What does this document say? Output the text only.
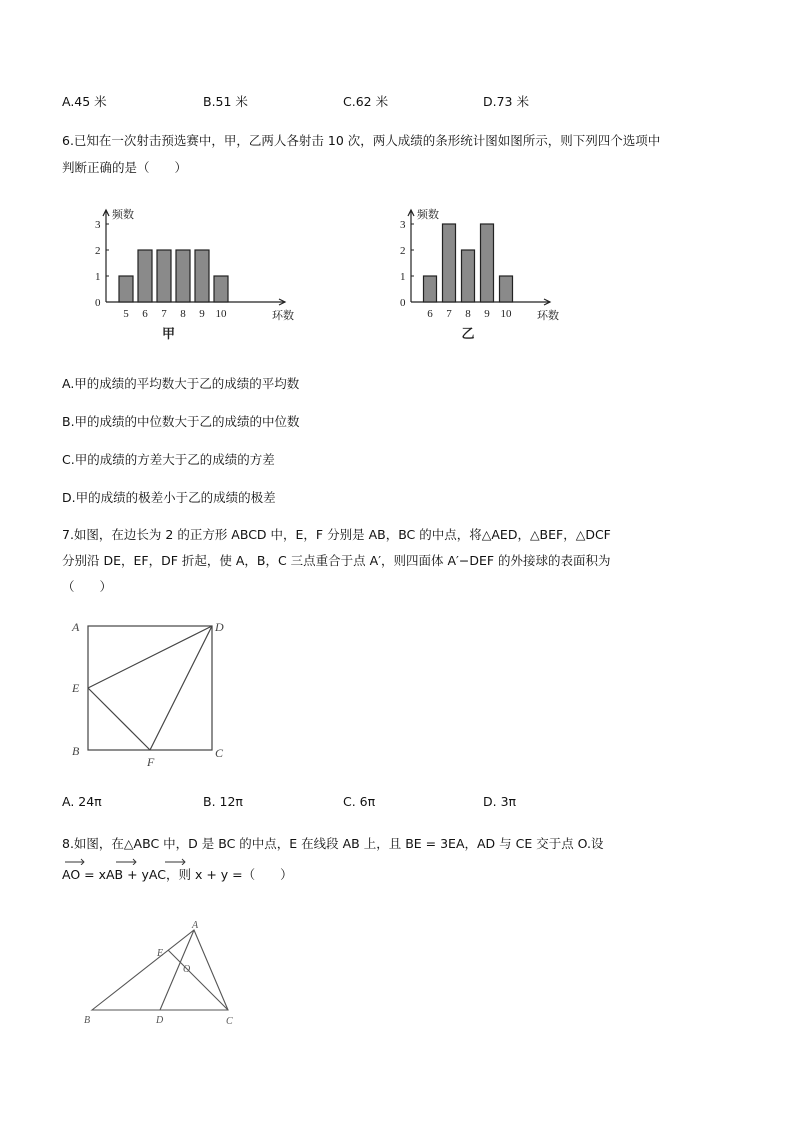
A.45 米	B.51 米	C.62 米	D.73 米
6.已知在一次射击预选赛中，甲，乙两人各射击 10 次，两人成绩的条形统计图如图所示，则下列四个选项中
判断正确的是（　　）
0
1
2
3
频数
5 6 7 8 9 10	环数
甲
0
1
2
3
频数
6 7 8 9 10 环数
乙
A.甲的成绩的平均数大于乙的成绩的平均数
B.甲的成绩的中位数大于乙的成绩的中位数
C.甲的成绩的方差大于乙的成绩的方差
D.甲的成绩的极差小于乙的成绩的极差
7.如图，在边长为 2 的正方形 ABCD 中，E，F 分别是 AB，BC 的中点，将△AED，△BEF，△DCF
分别沿 DE，EF，DF 折起，使 A，B，C 三点重合于点 A′，则四面体 A′−DEF 的外接球的表面积为
（　　）
A	D
E
B	C
F
A. 24π	B. 12π	C. 6π	D. 3π
8.如图，在△ABC 中，D 是 BC 的中点，E 在线段 AB 上，且 BE = 3EA，AD 与 CE 交于点 O.设
AO = xAB + yAC，则 x + y =（　　）
A
B	C
D
E
O
